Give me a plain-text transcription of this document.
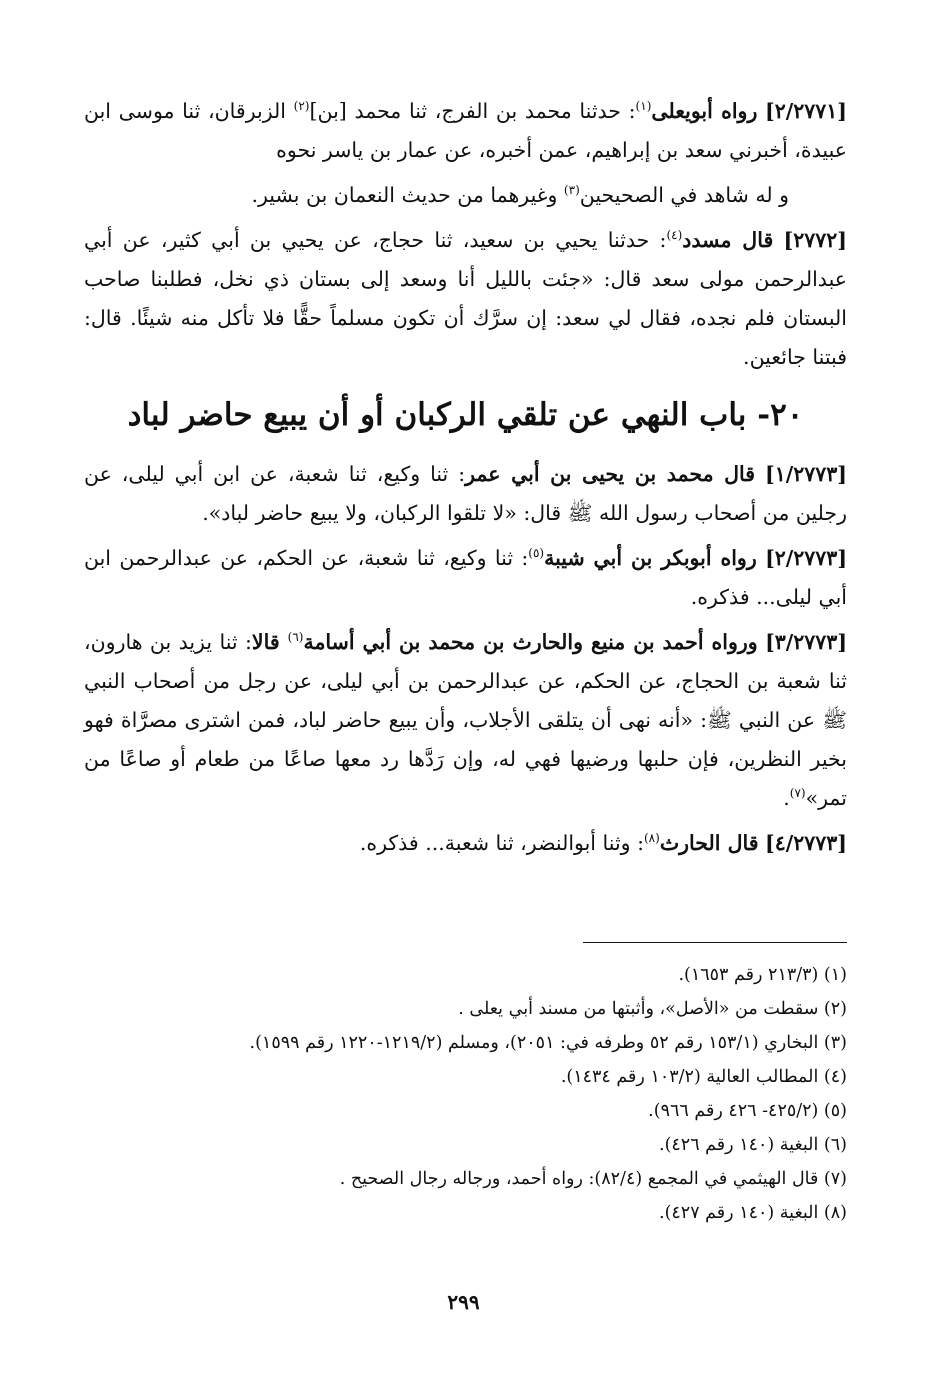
[٢/٢٧٧١] رواه أبويعلى$^{(١)}$: حدثنا محمد بن الفرج، ثنا محمد [بن]$^{(٢)}$ الزبرقان، ثنا موسى ابن عبيدة، أخبرني سعد بن إبراهيم، عمن أخبره، عن عمار بن ياسر نحوه

و له شاهد في الصحيحين$^{(٣)}$ وغيرهما من حديث النعمان بن بشير.

[٢٧٧٢] قال مسدد$^{(٤)}$: حدثنا يحيي بن سعيد، ثنا حجاج، عن يحيي بن أبي كثير، عن أبي عبدالرحمن مولى سعد قال: «جئت بالليل أنا وسعد إلى بستان ذي نخل، فطلبنا صاحب البستان فلم نجده، فقال لي سعد: إن سرَّك أن تكون مسلماً حقًّا فلا تأكل منه شيئًا. قال: فبتنا جائعين.

٢٠- باب النهي عن تلقي الركبان أو أن يبيع حاضر لباد

[١/٢٧٧٣] قال محمد بن يحيى بن أبي عمر: ثنا وكيع، ثنا شعبة، عن ابن أبي ليلى، عن رجلين من أصحاب رسول الله ﷺ قال: «لا تلقوا الركبان، ولا يبيع حاضر لباد».

[٢/٢٧٧٣] رواه أبوبكر بن أبي شيبة$^{(٥)}$: ثنا وكيع، ثنا شعبة، عن الحكم، عن عبدالرحمن ابن أبي ليلى... فذكره.

[٣/٢٧٧٣] ورواه أحمد بن منيع والحارث بن محمد بن أبي أسامة$^{(٦)}$ قالا: ثنا يزيد بن هارون، ثنا شعبة بن الحجاج، عن الحكم، عن عبدالرحمن بن أبي ليلى، عن رجل من أصحاب النبي ﷺ عن النبي ﷺ: «أنه نهى أن يتلقى الأجلاب، وأن يبيع حاضر لباد، فمن اشترى مصرَّاة فهو بخير النظرين، فإن حلبها ورضيها فهي له، وإن رَدَّها رد معها صاعًا من طعام أو صاعًا من تمر»$^{(٧)}$.

[٤/٢٧٧٣] قال الحارث$^{(٨)}$: وثنا أبوالنضر، ثنا شعبة... فذكره.

(١) (٢١٣/٣ رقم ١٦٥٣).
(٢) سقطت من «الأصل»، وأثبتها من مسند أبي يعلى .
(٣) البخاري (١٥٣/١ رقم ٥٢ وطرفه في: ٢٠٥١)، ومسلم (١٢١٩/٢-١٢٢٠ رقم ١٥٩٩).
(٤) المطالب العالية (١٠٣/٢ رقم ١٤٣٤).
(٥) (٤٢٥/٢- ٤٢٦ رقم ٩٦٦).
(٦) البغية (١٤٠ رقم ٤٢٦).
(٧) قال الهيثمي في المجمع (٨٢/٤): رواه أحمد، ورجاله رجال الصحيح .
(٨) البغية (١٤٠ رقم ٤٢٧).
٢٩٩
